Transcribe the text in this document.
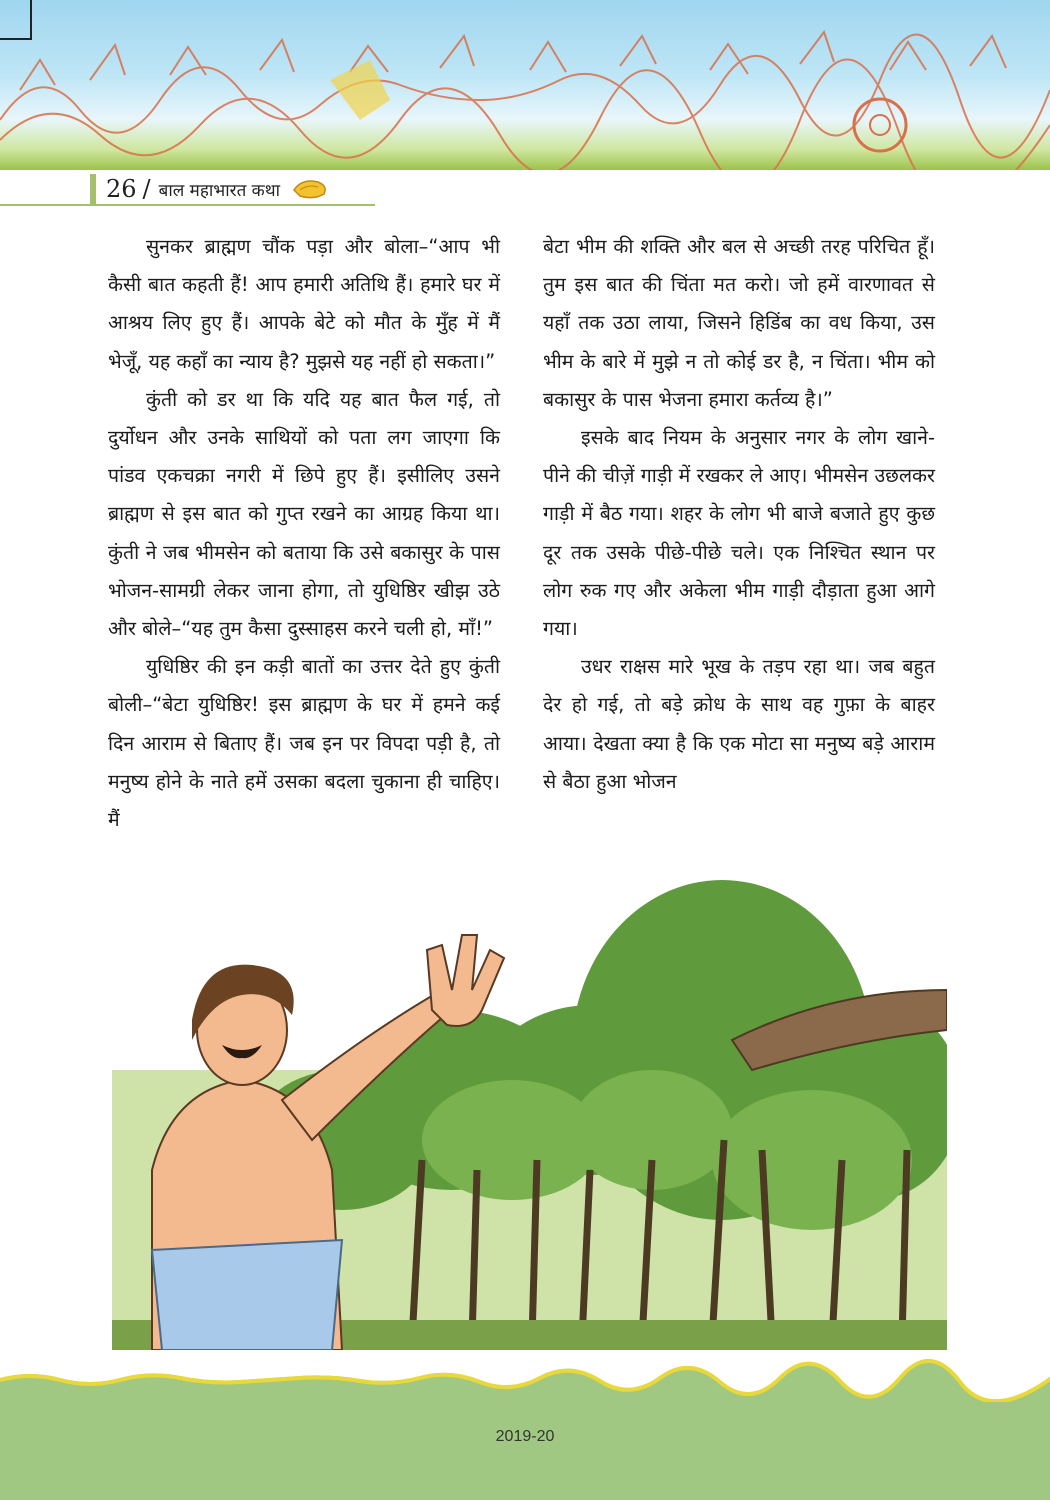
26 / बाल महाभारत कथा

सुनकर ब्राह्मण चौंक पड़ा और बोला–“आप भी कैसी बात कहती हैं! आप हमारी अतिथि हैं। हमारे घर में आश्रय लिए हुए हैं। आपके बेटे को मौत के मुँह में मैं भेजूँ, यह कहाँ का न्याय है? मुझसे यह नहीं हो सकता।”

कुंती को डर था कि यदि यह बात फैल गई, तो दुर्योधन और उनके साथियों को पता लग जाएगा कि पांडव एकचक्रा नगरी में छिपे हुए हैं। इसीलिए उसने ब्राह्मण से इस बात को गुप्त रखने का आग्रह किया था। कुंती ने जब भीमसेन को बताया कि उसे बकासुर के पास भोजन-सामग्री लेकर जाना होगा, तो युधिष्ठिर खीझ उठे और बोले–“यह तुम कैसा दुस्साहस करने चली हो, माँ!”

युधिष्ठिर की इन कड़ी बातों का उत्तर देते हुए कुंती बोली–“बेटा युधिष्ठिर! इस ब्राह्मण के घर में हमने कई दिन आराम से बिताए हैं। जब इन पर विपदा पड़ी है, तो मनुष्य होने के नाते हमें उसका बदला चुकाना ही चाहिए। मैं

बेटा भीम की शक्ति और बल से अच्छी तरह परिचित हूँ। तुम इस बात की चिंता मत करो। जो हमें वारणावत से यहाँ तक उठा लाया, जिसने हिडिंब का वध किया, उस भीम के बारे में मुझे न तो कोई डर है, न चिंता। भीम को बकासुर के पास भेजना हमारा कर्तव्य है।”

इसके बाद नियम के अनुसार नगर के लोग खाने-पीने की चीज़ें गाड़ी में रखकर ले आए। भीमसेन उछलकर गाड़ी में बैठ गया। शहर के लोग भी बाजे बजाते हुए कुछ दूर तक उसके पीछे-पीछे चले। एक निश्चित स्थान पर लोग रुक गए और अकेला भीम गाड़ी दौड़ाता हुआ आगे गया।

उधर राक्षस मारे भूख के तड़प रहा था। जब बहुत देर हो गई, तो बड़े क्रोध के साथ वह गुफ़ा के बाहर आया। देखता क्या है कि एक मोटा सा मनुष्य बड़े आराम से बैठा हुआ भोजन

2019-20
